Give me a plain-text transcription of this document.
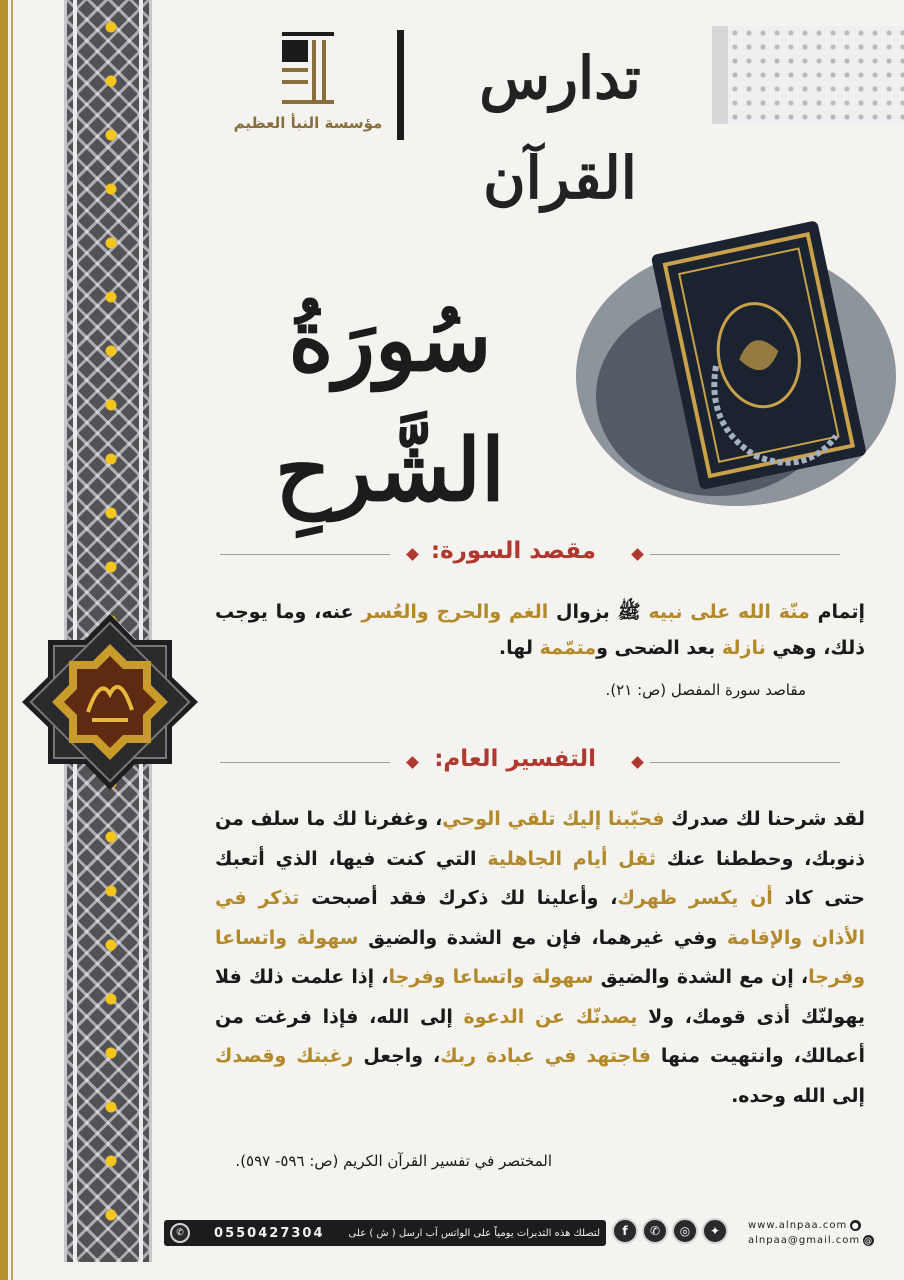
تدارس القرآن
مؤسسة النبأ العظيم
سُورَةُ الشَّرحِ
مقصد السورة:

إتمام منّة الله على نبيه ﷺ بزوال الغم والحرج والعُسر عنه، وما يوجب ذلك، وهي نازلة بعد الضحى ومتمّمة لها.

مقاصد سورة المفصل (ص: ٢١).
التفسير العام:

لقد شرحنا لك صدرك فحبّبنا إليك تلقي الوحي، وغفرنا لك ما سلف من ذنوبك، وحططنا عنك ثقل أيام الجاهلية التي كنت فيها، الذي أتعبك حتى كاد أن يكسر ظهرك، وأعلينا لك ذكرك فقد أصبحت تذكر في الأذان والإقامة وفي غيرهما، فإن مع الشدة والضيق سهولة واتساعا وفرجا، إن مع الشدة والضيق سهولة واتساعا وفرجا، إذا علمت ذلك فلا يهولنّك أذى قومك، ولا يصدنّك عن الدعوة إلى الله، فإذا فرغت من أعمالك، وانتهيت منها فاجتهد في عبادة ربك، واجعل رغبتك وقصدك إلى الله وحده.

المختصر في تفسير القرآن الكريم (ص: ٥٩٦- ٥٩٧).
لتصلك هذه التدبرات يومياً على الواتس آب ارسل ( ش ) على
0550427304
✆	f	✆	◎	✦	www.alnpaa.com ●
alnpaa@gmail.com @
